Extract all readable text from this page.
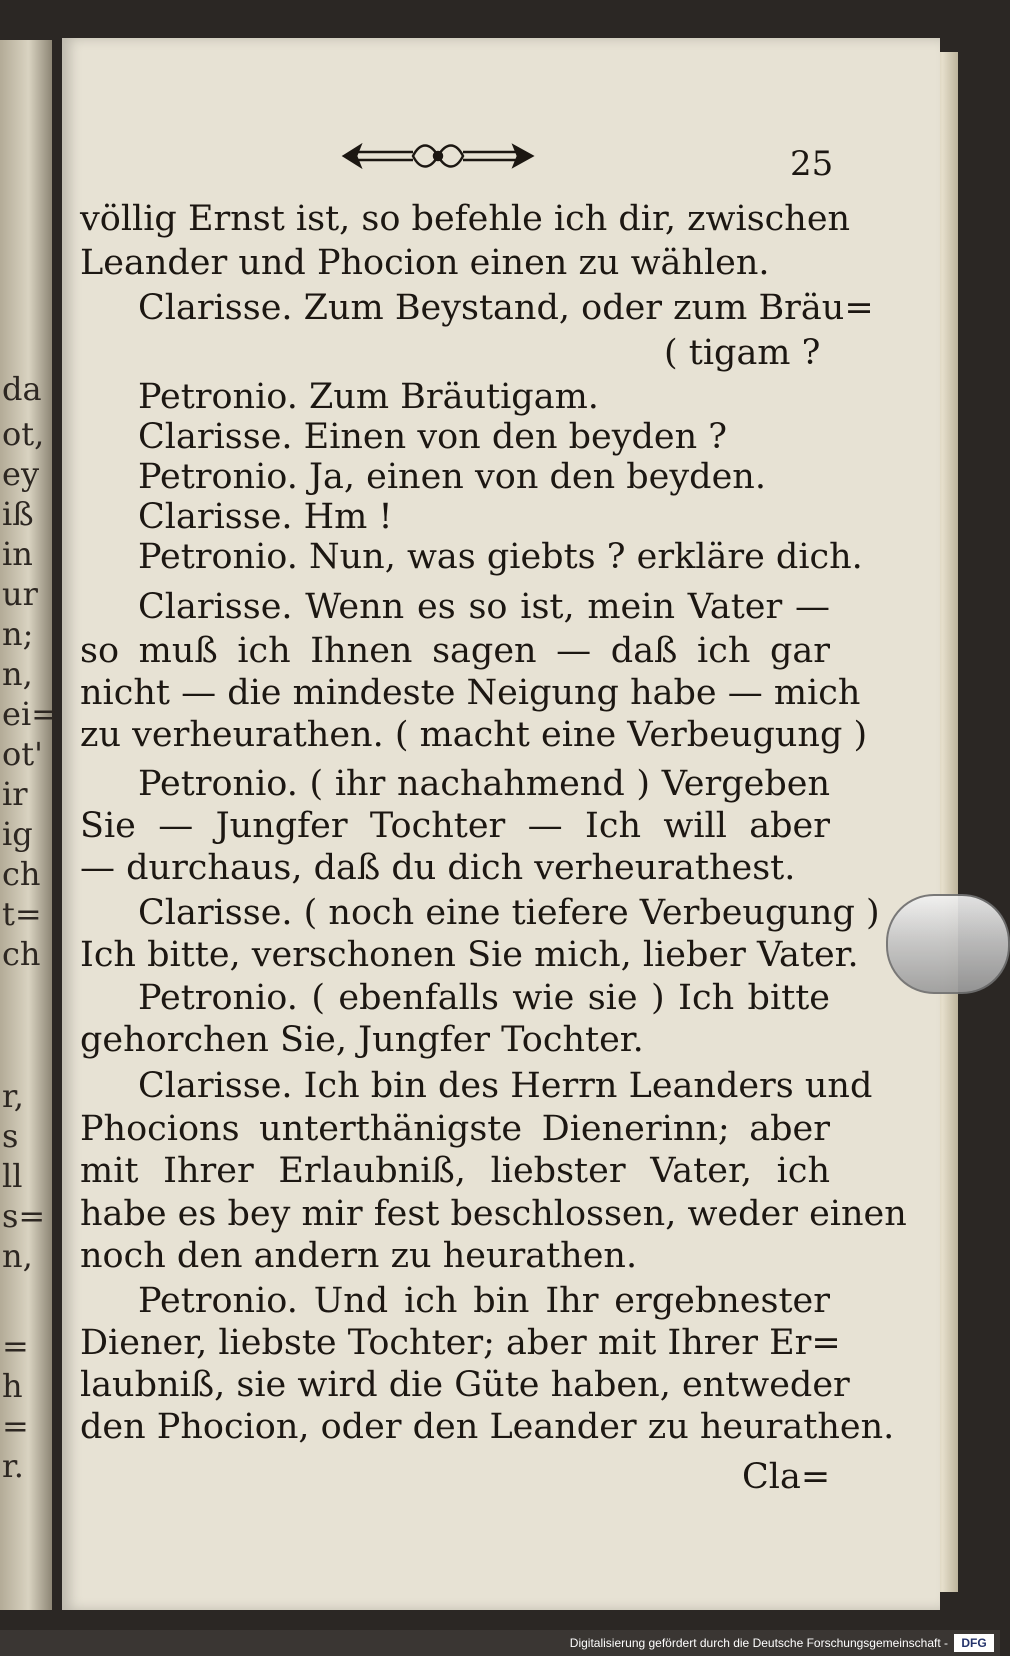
da
ot,
ey
iß
in
ur
n;
n,
ei=
ot'
ir
ig
ch
t=
ch
r,
s
ll
s=
n,
=
h
=
r.
25
völlig Ernst ist, so befehle ich dir, zwischen
Leander und Phocion einen zu wählen.
Clarisse. Zum Beystand, oder zum Bräu=
( tigam ?
Petronio. Zum Bräutigam.
Clarisse. Einen von den beyden ?
Petronio. Ja, einen von den beyden.
Clarisse. Hm !
Petronio. Nun, was giebts ? erkläre dich.
Clarisse. Wenn es so ist, mein Vater —
so muß ich Ihnen sagen — daß ich gar
nicht — die mindeste Neigung habe — mich
zu verheurathen. ( macht eine Verbeugung )
Petronio. ( ihr nachahmend ) Vergeben
Sie — Jungfer Tochter — Ich will aber
— durchaus, daß du dich verheurathest.
Clarisse. ( noch eine tiefere Verbeugung )
Ich bitte, verschonen Sie mich, lieber Vater.
Petronio. ( ebenfalls wie sie ) Ich bitte
gehorchen Sie, Jungfer Tochter.
Clarisse. Ich bin des Herrn Leanders und
Phocions unterthänigste Dienerinn; aber
mit Ihrer Erlaubniß, liebster Vater, ich
habe es bey mir fest beschlossen, weder einen
noch den andern zu heurathen.
Petronio. Und ich bin Ihr ergebnester
Diener, liebste Tochter; aber mit Ihrer Er=
laubniß, sie wird die Güte haben, entweder
den Phocion, oder den Leander zu heurathen.
Cla=
Digitalisierung gefördert durch die Deutsche Forschungsgemeinschaft -	DFG
